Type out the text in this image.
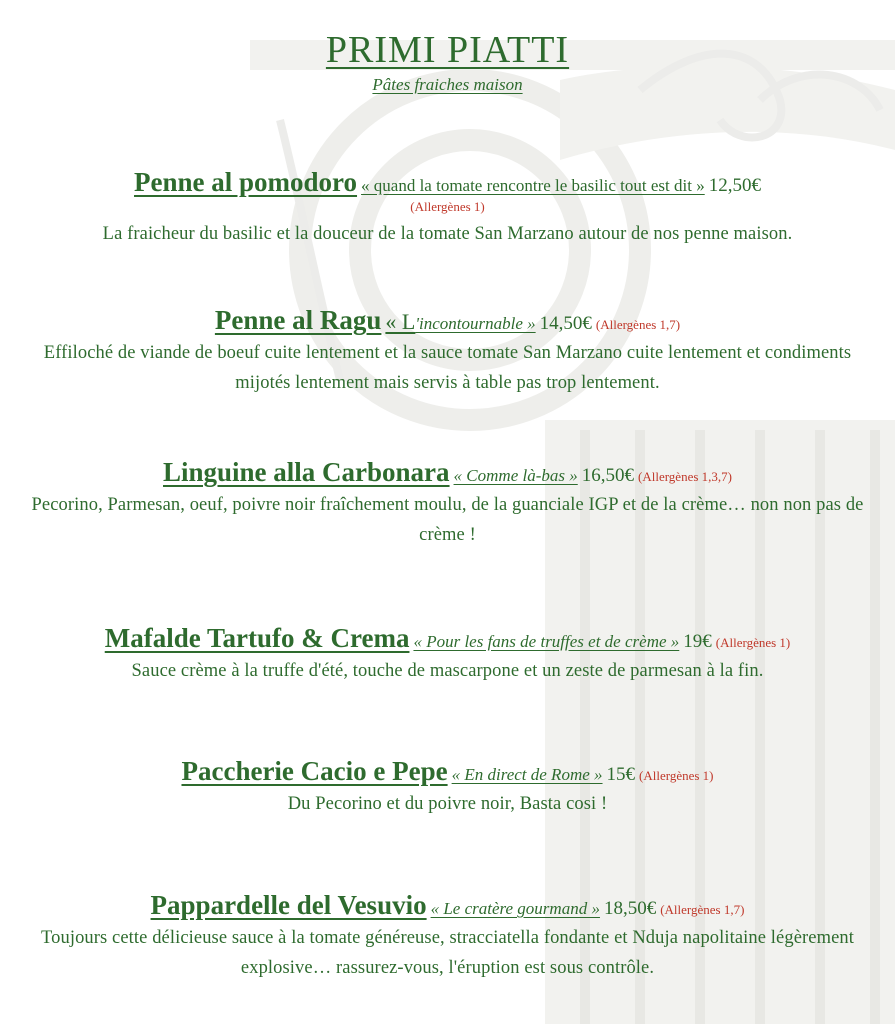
PRIMI PIATTI
Pâtes fraiches maison
Penne al pomodoro « quand la tomate rencontre le basilic tout est dit » 12,50€
(Allergènes 1)
La fraicheur du basilic et la douceur de la tomate San Marzano autour de nos penne maison.
Penne al Ragu « L'incontournable » 14,50€ (Allergènes 1,7)
Effiloché de viande de boeuf cuite lentement et la sauce tomate San Marzano cuite lentement et condiments mijotés lentement mais servis à table pas trop lentement.
Linguine alla Carbonara « Comme là-bas » 16,50€ (Allergènes 1,3,7)
Pecorino, Parmesan, oeuf, poivre noir fraîchement moulu, de la guanciale IGP et de la crème… non non pas de crème !
Mafalde Tartufo & Crema « Pour les fans de truffes et de crème » 19€ (Allergènes 1)
Sauce crème à la truffe d'été, touche de mascarpone et un zeste de parmesan à la fin.
Paccherie Cacio e Pepe « En direct de Rome » 15€ (Allergènes 1)
Du Pecorino et du poivre noir, Basta cosi !
Pappardelle del Vesuvio « Le cratère gourmand » 18,50€ (Allergènes 1,7)
Toujours cette délicieuse sauce à la tomate généreuse, stracciatella fondante et Nduja napolitaine légèrement explosive… rassurez-vous, l'éruption est sous contrôle.
